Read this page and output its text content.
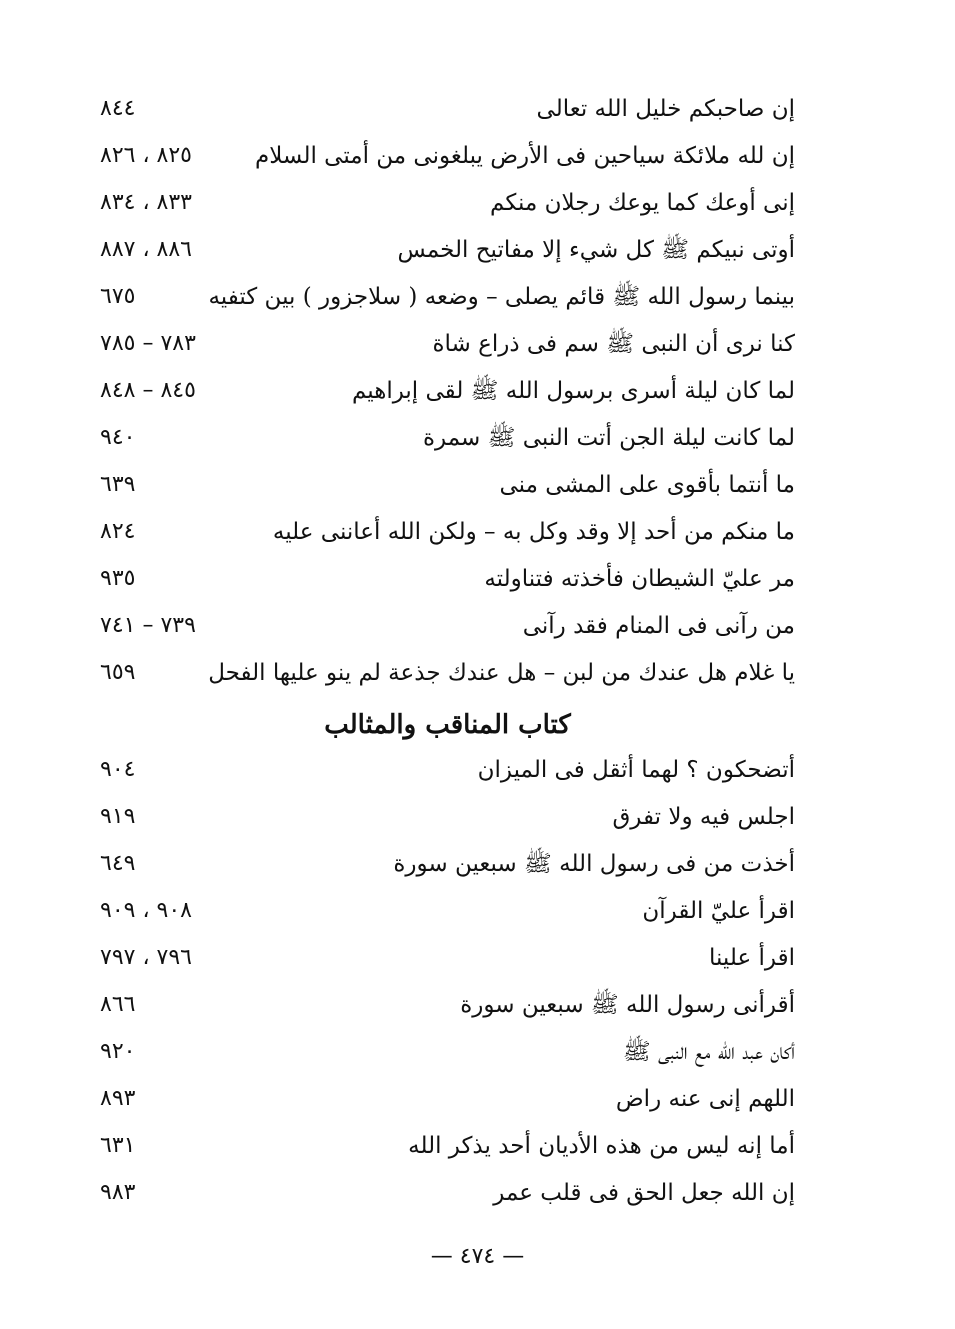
إن صاحبكم خليل الله تعالى
٨٤٤
إن لله ملائكة سياحين فى الأرض يبلغونى من أمتى السلام
٨٢٥ ، ٨٢٦
إنى أوعك كما يوعك رجلان منكم
٨٣٣ ، ٨٣٤
أوتى نبيكم ﷺ كل شيء إلا مفاتيح الخمس
٨٨٦ ، ٨٨٧
بينما رسول الله ﷺ قائم يصلى – وضعه ( سلاجزور ) بين كتفيه
٦٧٥
كنا نرى أن النبى ﷺ سم فى ذراع شاة
٧٨٣ – ٧٨٥
لما كان ليلة أسرى برسول الله ﷺ لقى إبراهيم
٨٤٥ – ٨٤٨
لما كانت ليلة الجن أتت النبى ﷺ سمرة
٩٤٠
ما أنتما بأقوى على المشى منى
٦٣٩
ما منكم من أحد إلا وقد وكل به – ولكن الله أعاننى عليه
٨٢٤
مر عليّ الشيطان فأخذته فتناولته
٩٣٥
من رآنى فى المنام فقد رآنى
٧٣٩ – ٧٤١
يا غلام هل عندك من لبن – هل عندك جذعة لم ينو عليها الفحل
٦٥٩
كتاب المناقب والمثالب
أتضحكون ؟ لهما أثقل فى الميزان
٩٠٤
اجلس فيه ولا تفرق
٩١٩
أخذت من فى رسول الله ﷺ سبعين سورة
٦٤٩
اقرأ عليّ القرآن
٩٠٨ ، ٩٠٩
اقرأ علينا
٧٩٦ ، ٧٩٧
أقرأنى رسول الله ﷺ سبعين سورة
٨٦٦
أكان عبد الله مع النبى ﷺ
٩٢٠
اللهم إنى عنه راض
٨٩٣
أما إنه ليس من هذه الأديان أحد يذكر الله
٦٣١
إن الله جعل الحق فى قلب عمر
٩٨٣
— ٤٧٤ —
